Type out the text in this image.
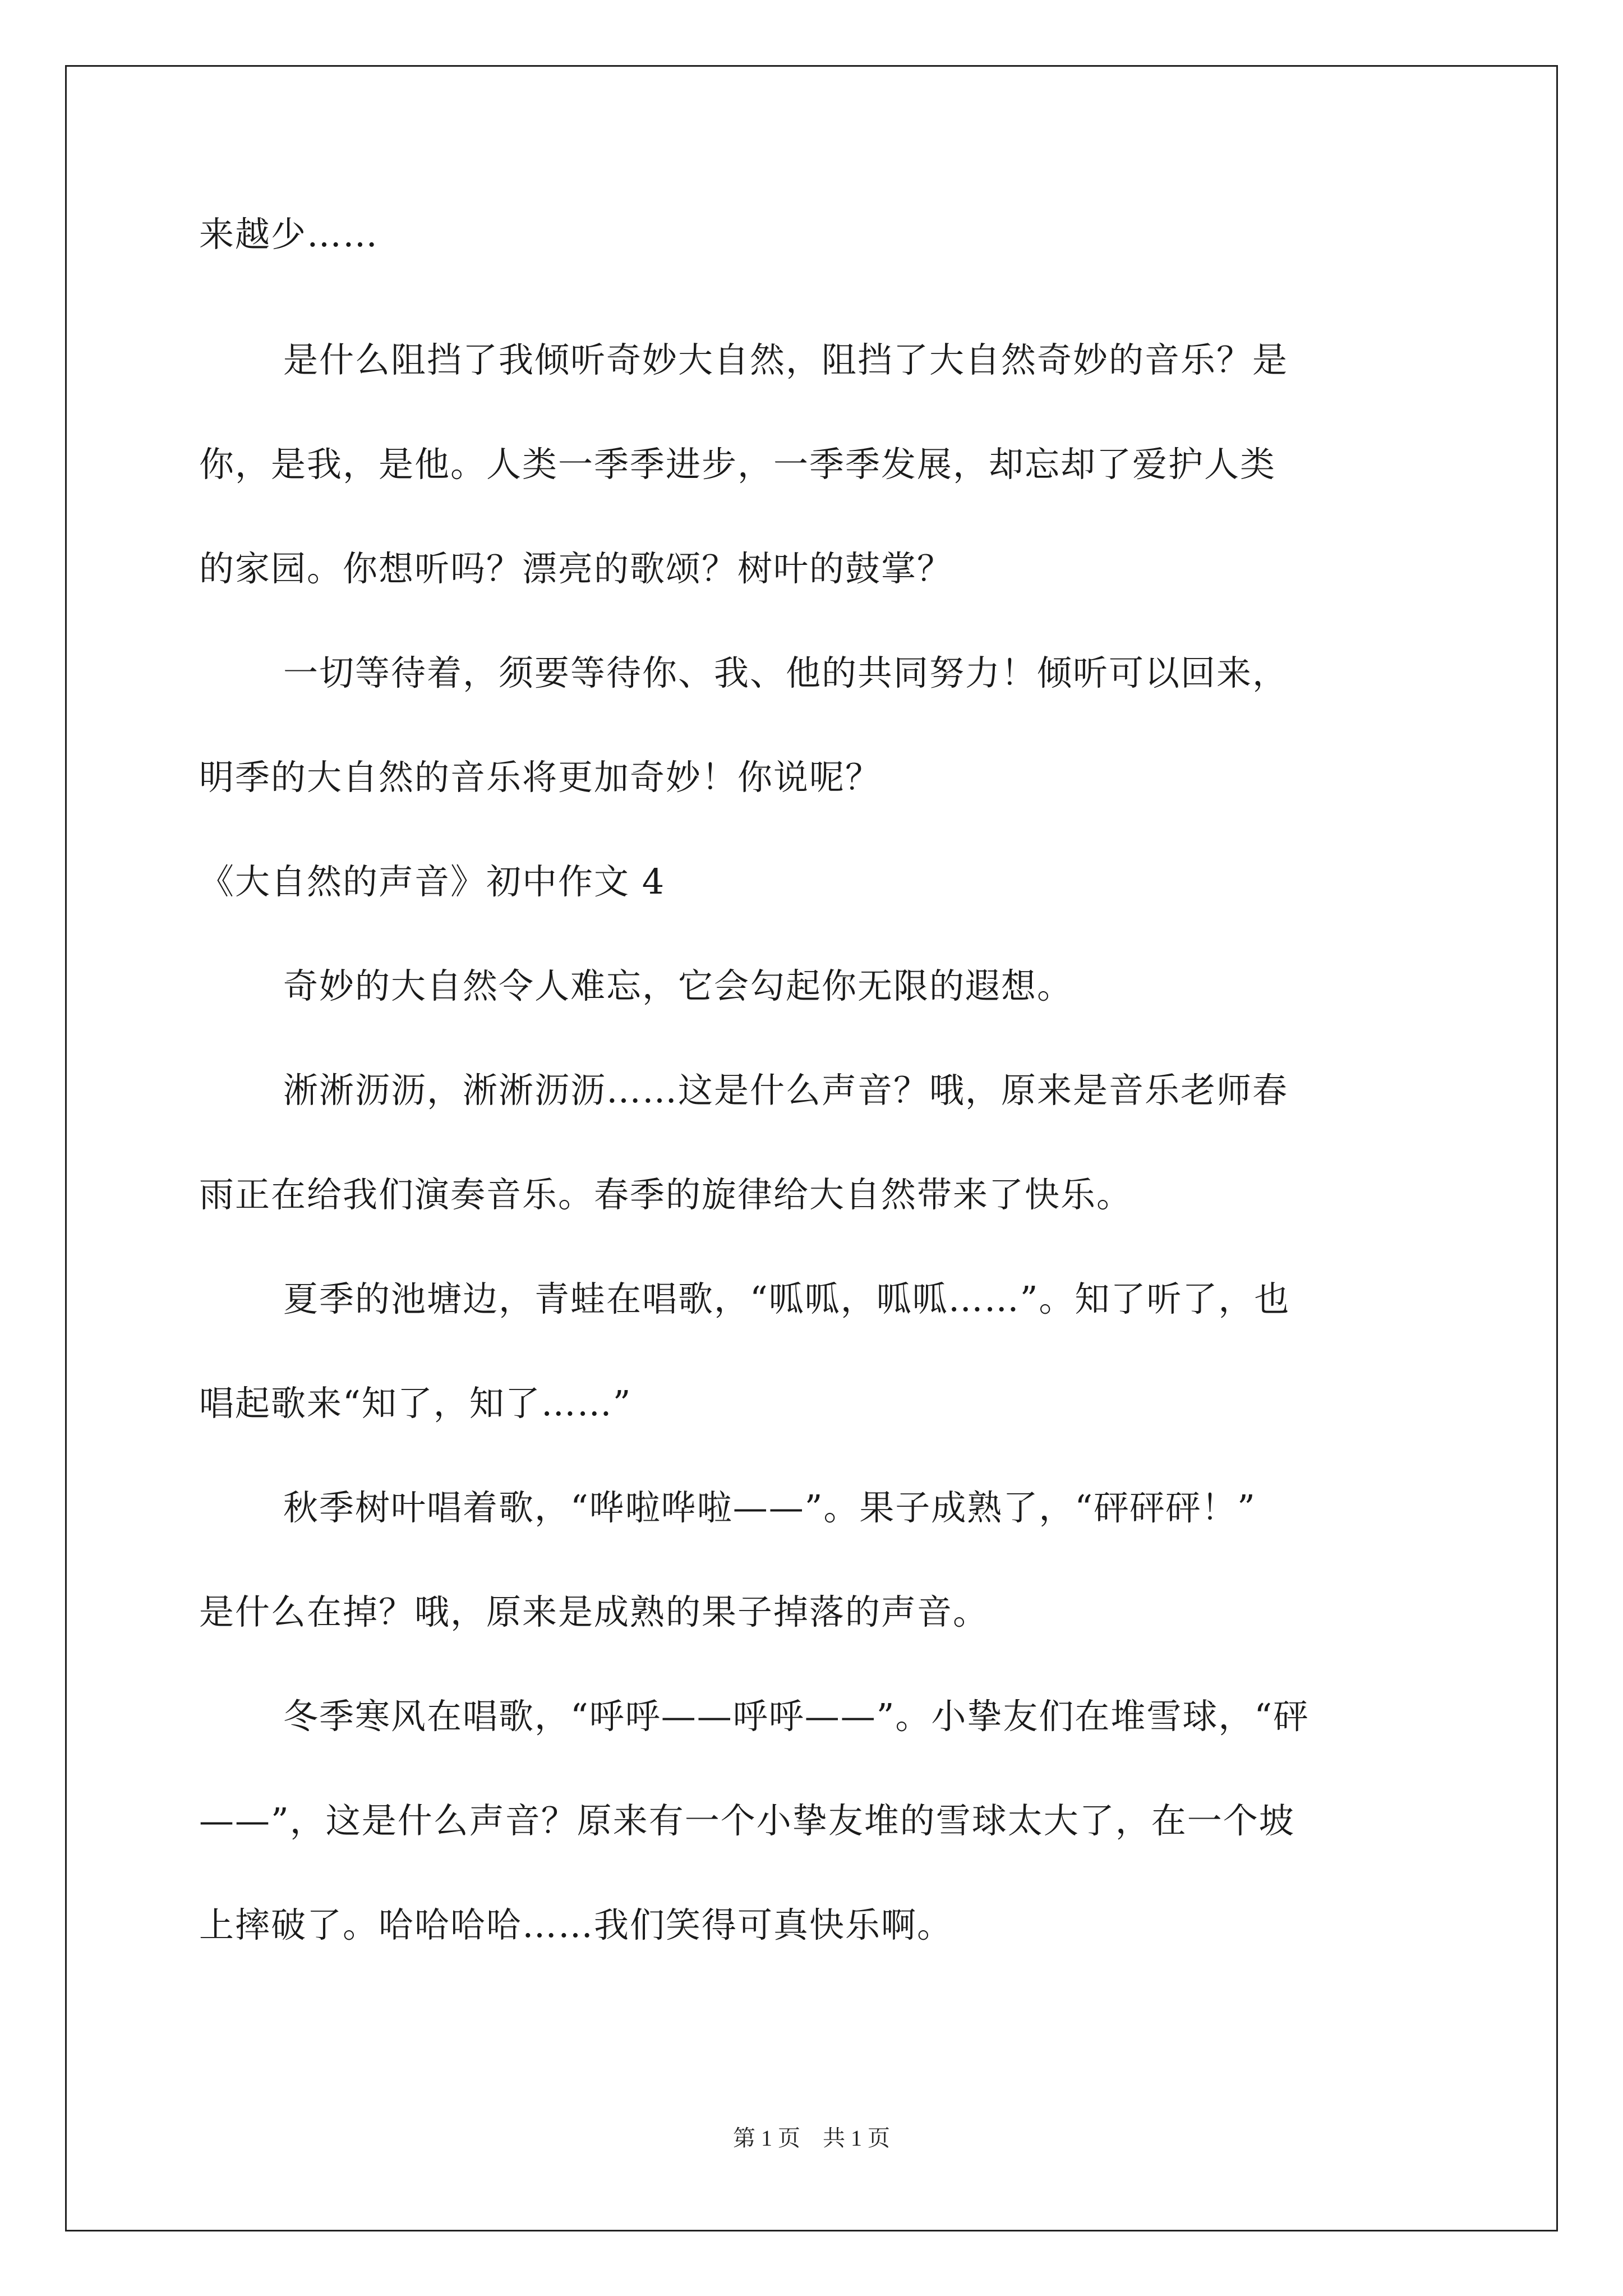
来越少……
是什么阻挡了我倾听奇妙大自然，阻挡了大自然奇妙的音乐？是
你，是我，是他。人类一季季进步，一季季发展，却忘却了爱护人类
的家园。你想听吗？漂亮的歌颂？树叶的鼓掌？
一切等待着，须要等待你、我、他的共同努力！倾听可以回来，
明季的大自然的音乐将更加奇妙！你说呢？
《大自然的声音》初中作文 4
奇妙的大自然令人难忘，它会勾起你无限的遐想。
淅淅沥沥，淅淅沥沥……这是什么声音？哦，原来是音乐老师春
雨正在给我们演奏音乐。春季的旋律给大自然带来了快乐。
夏季的池塘边，青蛙在唱歌，“呱呱，呱呱……”。知了听了，也
唱起歌来“知了，知了……”
秋季树叶唱着歌，“哗啦哗啦——”。果子成熟了，“砰砰砰！”
是什么在掉？哦，原来是成熟的果子掉落的声音。
冬季寒风在唱歌，“呼呼——呼呼——”。小挚友们在堆雪球，“砰
——”，这是什么声音？原来有一个小挚友堆的雪球太大了，在一个坡
上摔破了。哈哈哈哈……我们笑得可真快乐啊。
第 1 页　共 1 页
